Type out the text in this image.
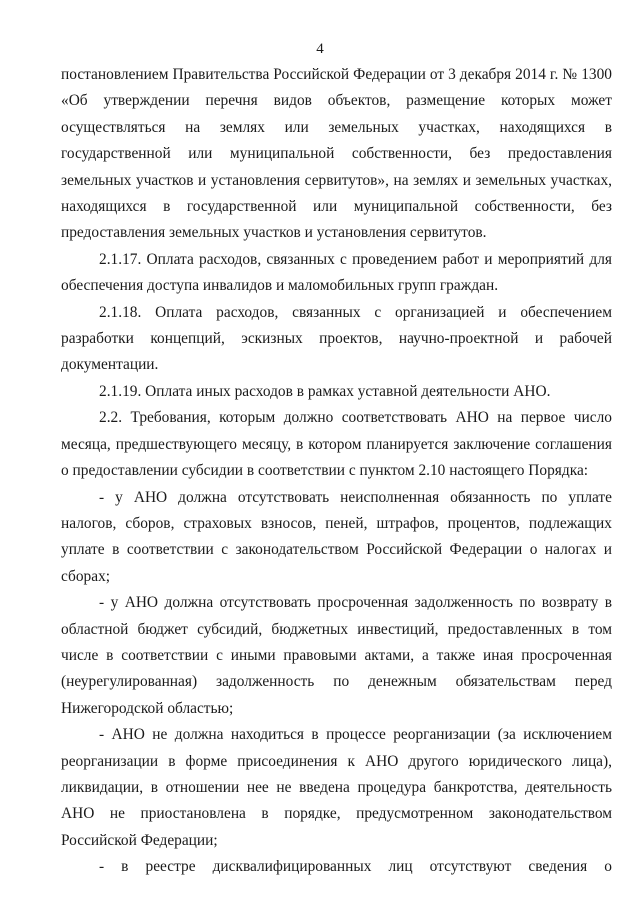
4

постановлением Правительства Российской Федерации от 3 декабря 2014 г. № 1300 «Об утверждении перечня видов объектов, размещение которых может осуществляться на землях или земельных участках, находящихся в государственной или муниципальной собственности, без предоставления земельных участков и установления сервитутов», на землях и земельных участках, находящихся в государственной или муниципальной собственности, без предоставления земельных участков и установления сервитутов.

2.1.17. Оплата расходов, связанных с проведением работ и мероприятий для обеспечения доступа инвалидов и маломобильных групп граждан.

2.1.18. Оплата расходов, связанных с организацией и обеспечением разработки концепций, эскизных проектов, научно-проектной и рабочей документации.

2.1.19. Оплата иных расходов в рамках уставной деятельности АНО.

2.2. Требования, которым должно соответствовать АНО на первое число месяца, предшествующего месяцу, в котором планируется заключение соглашения о предоставлении субсидии в соответствии с пунктом 2.10 настоящего Порядка:

- у АНО должна отсутствовать неисполненная обязанность по уплате налогов, сборов, страховых взносов, пеней, штрафов, процентов, подлежащих уплате в соответствии с законодательством Российской Федерации о налогах и сборах;

- у АНО должна отсутствовать просроченная задолженность по возврату в областной бюджет субсидий, бюджетных инвестиций, предоставленных в том числе в соответствии с иными правовыми актами, а также иная просроченная (неурегулированная) задолженность по денежным обязательствам перед Нижегородской областью;

- АНО не должна находиться в процессе реорганизации (за исключением реорганизации в форме присоединения к АНО другого юридического лица), ликвидации, в отношении нее не введена процедура банкротства, деятельность АНО не приостановлена в порядке, предусмотренном законодательством Российской Федерации;

- в реестре дисквалифицированных лиц отсутствуют сведения о
